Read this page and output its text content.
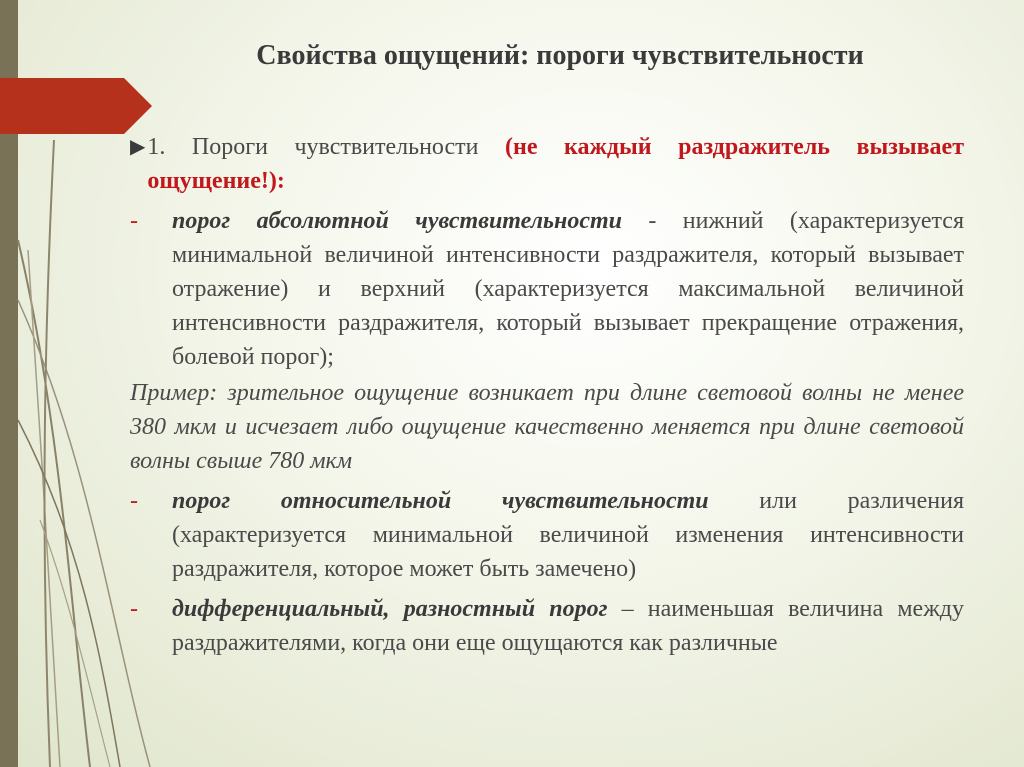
Свойства ощущений: пороги чувствительности

▶ 1. Пороги чувствительности (не каждый раздражитель вызывает ощущение!):

-	порог абсолютной чувствительности - нижний (характеризуется минимальной величиной интенсивности раздражителя, который вызывает отражение) и верхний (характеризуется максимальной величиной интенсивности раздражителя, который вызывает прекращение отражения, болевой порог);

Пример: зрительное ощущение возникает при длине световой волны не менее 380 мкм и исчезает либо ощущение качественно меняется при длине световой волны свыше 780 мкм

-	порог относительной чувствительности или различения (характеризуется минимальной величиной изменения интенсивности раздражителя, которое может быть замечено)

-	дифференциальный, разностный порог – наименьшая величина между раздражителями, когда они еще ощущаются как различные
